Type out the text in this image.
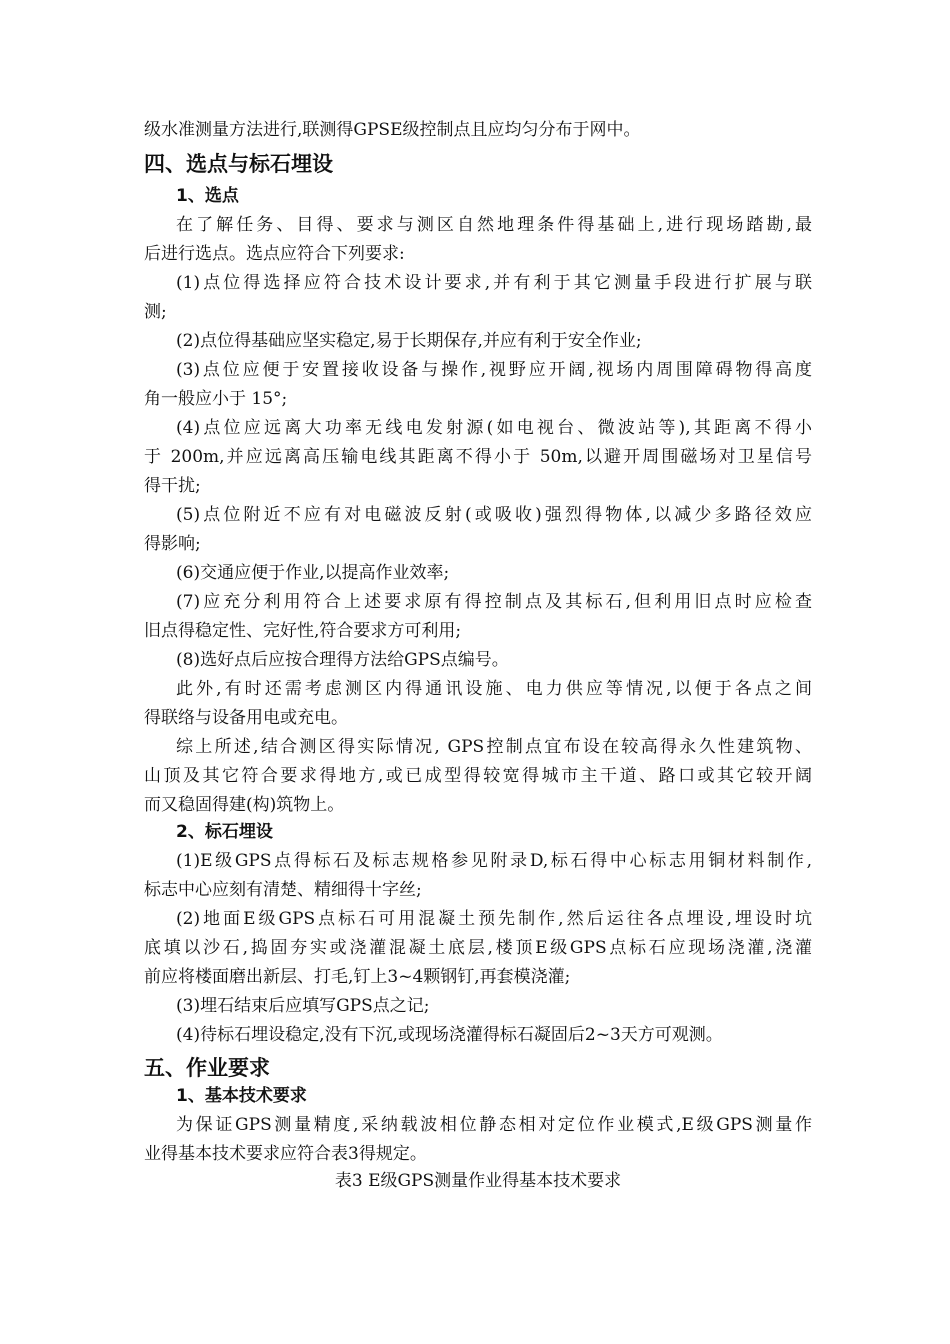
级水准测量方法进行,联测得GPSE级控制点且应均匀分布于网中。
四、选点与标石埋设
1、选点
在了解任务、目得、要求与测区自然地理条件得基础上,进行现场踏勘,最
后进行选点。选点应符合下列要求:
(1)点位得选择应符合技术设计要求,并有利于其它测量手段进行扩展与联
测;
(2)点位得基础应坚实稳定,易于长期保存,并应有利于安全作业;
(3)点位应便于安置接收设备与操作,视野应开阔,视场内周围障碍物得高度
角一般应小于 15°;
(4)点位应远离大功率无线电发射源(如电视台、微波站等),其距离不得小
于 200m,并应远离高压输电线其距离不得小于 50m,以避开周围磁场对卫星信号
得干扰;
(5)点位附近不应有对电磁波反射(或吸收)强烈得物体,以减少多路径效应
得影响;
(6)交通应便于作业,以提高作业效率;
(7)应充分利用符合上述要求原有得控制点及其标石,但利用旧点时应检查
旧点得稳定性、完好性,符合要求方可利用;
(8)选好点后应按合理得方法给GPS点编号。
此外,有时还需考虑测区内得通讯设施、电力供应等情况,以便于各点之间
得联络与设备用电或充电。
综上所述,结合测区得实际情况, GPS控制点宜布设在较高得永久性建筑物、
山顶及其它符合要求得地方,或已成型得较宽得城市主干道、路口或其它较开阔
而又稳固得建(构)筑物上。
2、标石埋设
(1)E级GPS点得标石及标志规格参见附录D,标石得中心标志用铜材料制作,
标志中心应刻有清楚、精细得十字丝;
(2)地面E级GPS点标石可用混凝土预先制作,然后运往各点埋设,埋设时坑
底填以沙石,捣固夯实或浇灌混凝土底层,楼顶E级GPS点标石应现场浇灌,浇灌
前应将楼面磨出新层、打毛,钉上3~4颗钢钉,再套模浇灌;
(3)埋石结束后应填写GPS点之记;
(4)待标石埋设稳定,没有下沉,或现场浇灌得标石凝固后2~3天方可观测。
五、作业要求
1、基本技术要求
为保证GPS测量精度,采纳载波相位静态相对定位作业模式,E级GPS测量作
业得基本技术要求应符合表3得规定。
表3 E级GPS测量作业得基本技术要求
